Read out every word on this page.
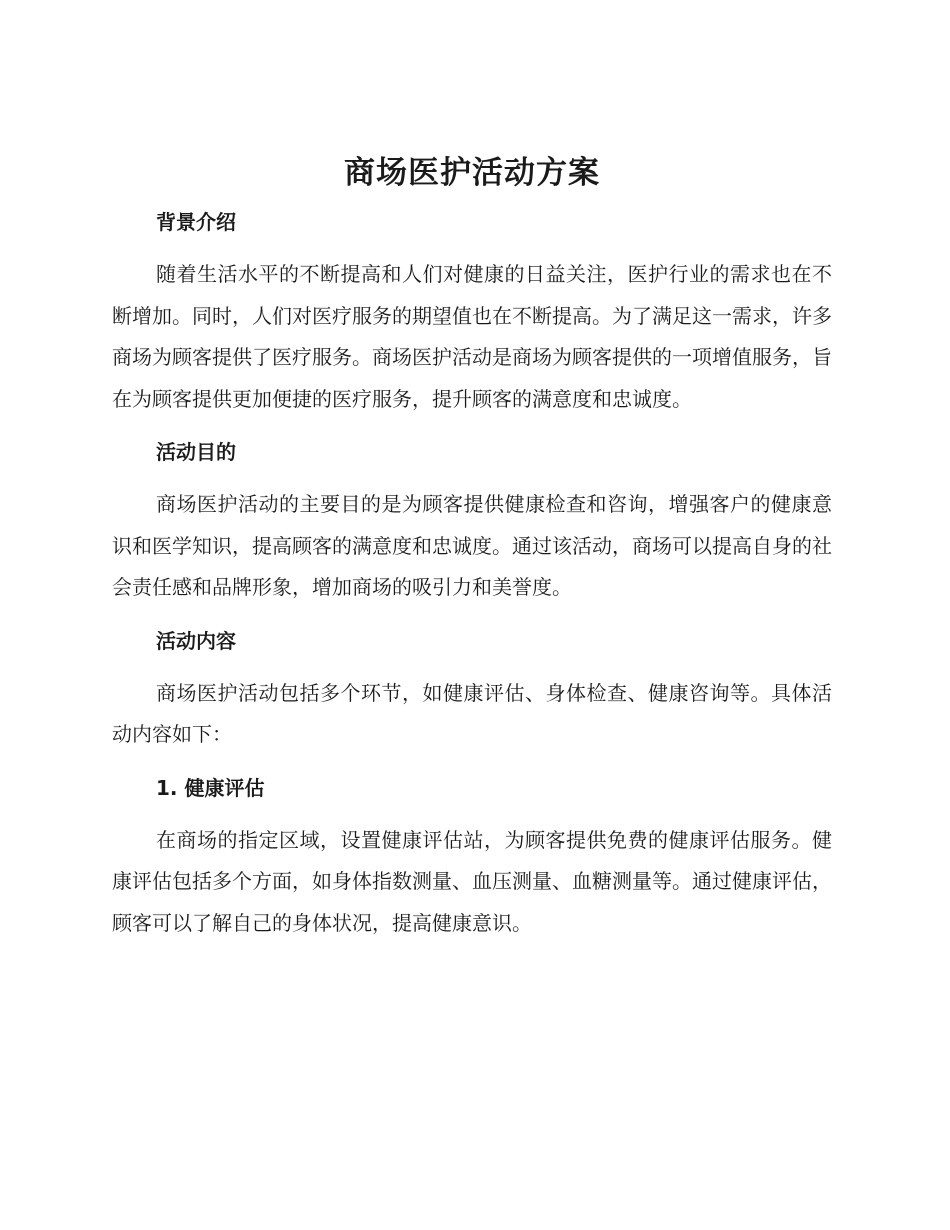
商场医护活动方案
背景介绍

随着生活水平的不断提高和人们对健康的日益关注，医护行业的需求也在不断增加。同时，人们对医疗服务的期望值也在不断提高。为了满足这一需求，许多商场为顾客提供了医疗服务。商场医护活动是商场为顾客提供的一项增值服务，旨在为顾客提供更加便捷的医疗服务，提升顾客的满意度和忠诚度。

活动目的

商场医护活动的主要目的是为顾客提供健康检查和咨询，增强客户的健康意识和医学知识，提高顾客的满意度和忠诚度。通过该活动，商场可以提高自身的社会责任感和品牌形象，增加商场的吸引力和美誉度。

活动内容

商场医护活动包括多个环节，如健康评估、身体检查、健康咨询等。具体活动内容如下：

1. 健康评估

在商场的指定区域，设置健康评估站，为顾客提供免费的健康评估服务。健康评估包括多个方面，如身体指数测量、血压测量、血糖测量等。通过健康评估，顾客可以了解自己的身体状况，提高健康意识。
